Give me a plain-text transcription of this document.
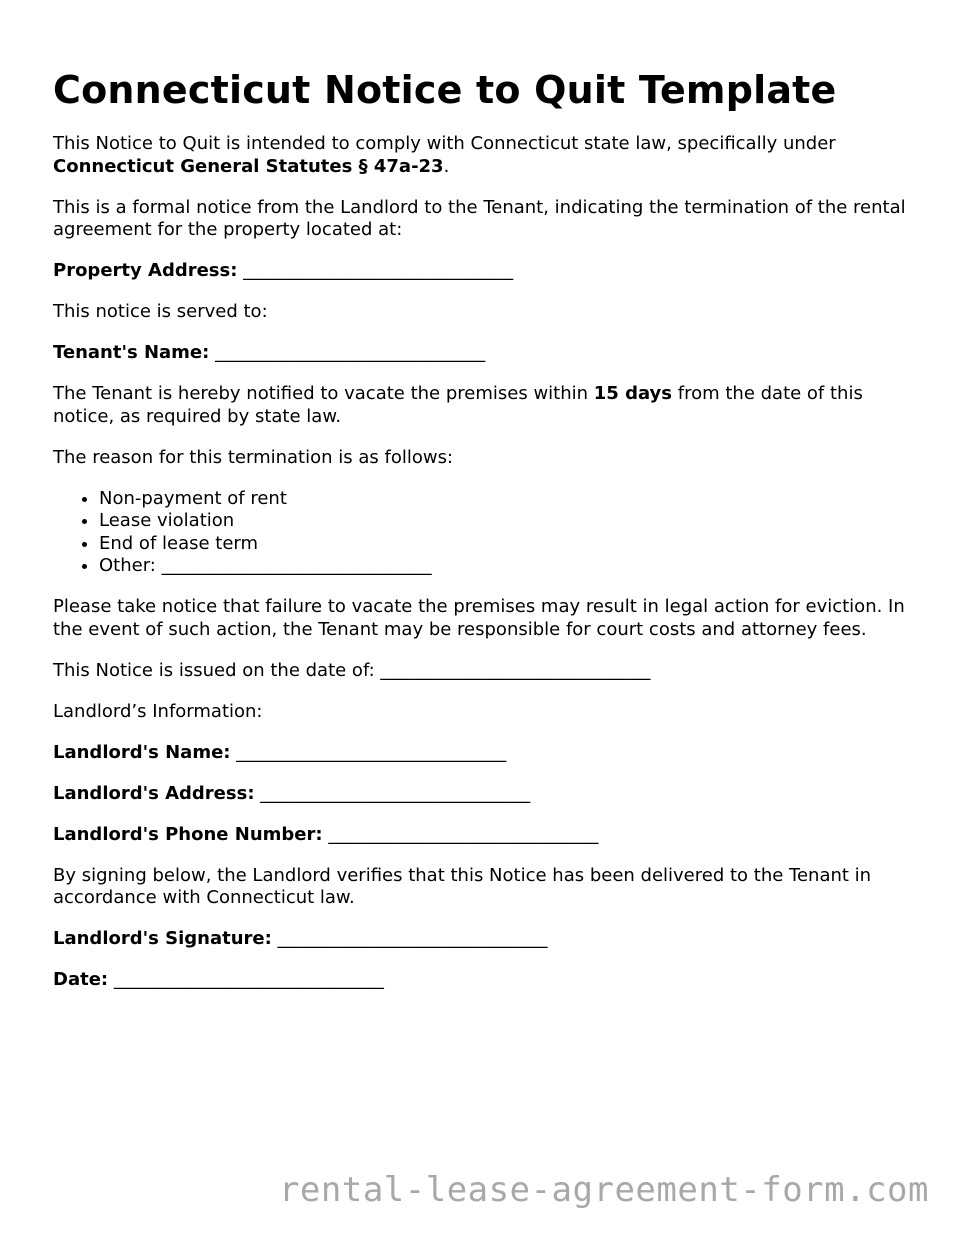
Connecticut Notice to Quit Template

This Notice to Quit is intended to comply with Connecticut state law, specifically under Connecticut General Statutes § 47a-23.

This is a formal notice from the Landlord to the Tenant, indicating the termination of the rental agreement for the property located at:

Property Address: ______________________________

This notice is served to:

Tenant's Name: ______________________________

The Tenant is hereby notified to vacate the premises within 15 days from the date of this notice, as required by state law.

The reason for this termination is as follows:

• Non-payment of rent
• Lease violation
• End of lease term
• Other: ______________________________

Please take notice that failure to vacate the premises may result in legal action for eviction. In the event of such action, the Tenant may be responsible for court costs and attorney fees.

This Notice is issued on the date of: ______________________________

Landlord’s Information:

Landlord's Name: ______________________________

Landlord's Address: ______________________________

Landlord's Phone Number: ______________________________

By signing below, the Landlord verifies that this Notice has been delivered to the Tenant in accordance with Connecticut law.

Landlord's Signature: ______________________________

Date: ______________________________

rental-lease-agreement-form.com
